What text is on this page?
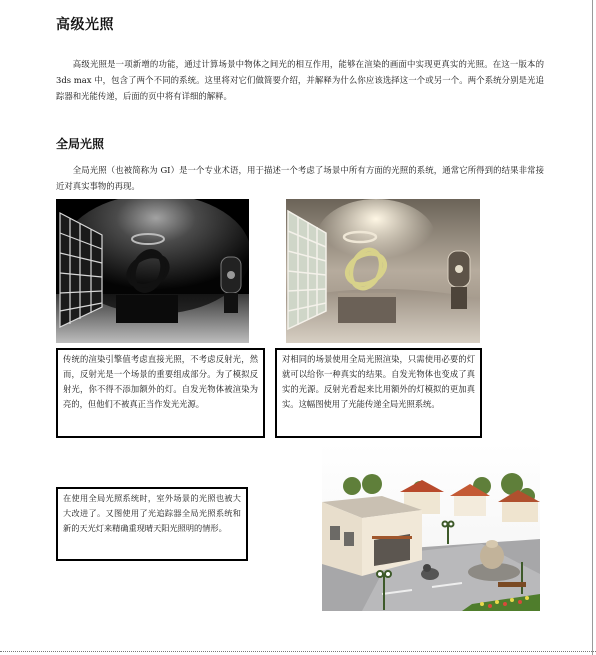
高级光照

高级光照是一项新增的功能，通过计算场景中物体之间光的相互作用，能够在渲染的画面中实现更真实的光照。在这一版本的 3ds max 中，包含了两个不同的系统。这里将对它们做简要介绍，并解释为什么你应该选择这一个或另一个。两个系统分别是光追踪器和光能传递，后面的页中将有详细的解释。

全局光照

全局光照（也被简称为 GI）是一个专业术语，用于描述一个考虑了场景中所有方面的光照的系统，通常它所得到的结果非常接近对真实事物的再现。

传统的渲染引擎值考虑直接光照，不考虑反射光，然而，反射光是一个场景的重要组成部分。为了模拟反射光，你不得不添加额外的灯。自发光物体被渲染为亮的，但他们不被真正当作发光光源。
对相同的场景使用全局光照渲染，只需使用必要的灯就可以给你一种真实的结果。自发光物体也变成了真实的光源。反射光看起来比用额外的灯模拟的更加真实。这幅图使用了光能传递全局光照系统。
在使用全局光照系统时，室外场景的光照也被大大改进了。又图使用了光追踪器全局光照系统和新的天光灯来精确重现晴天阳光照明的情形。
